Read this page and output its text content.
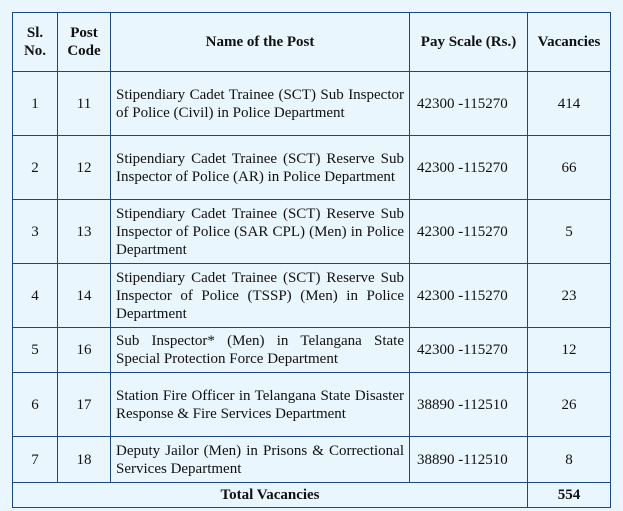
Sl. No.	Post Code	Name of the Post	Pay Scale (Rs.)	Vacancies
1	11	Stipendiary Cadet Trainee (SCT) Sub Inspector of Police (Civil) in Police Department	42300 -115270	414
2	12	Stipendiary Cadet Trainee (SCT) Reserve Sub Inspector of Police (AR) in Police Department	42300 -115270	66
3	13	Stipendiary Cadet Trainee (SCT) Reserve Sub Inspector of Police (SAR CPL) (Men) in Police Department	42300 -115270	5
4	14	Stipendiary Cadet Trainee (SCT) Reserve Sub Inspector of Police (TSSP) (Men) in Police Department	42300 -115270	23
5	16	Sub Inspector* (Men) in Telangana State Special Protection Force Department	42300 -115270	12
6	17	Station Fire Officer in Telangana State Disaster Response & Fire Services Department	38890 -112510	26
7	18	Deputy Jailor (Men) in Prisons & Correctional Services Department	38890 -112510	8
Total Vacancies				554
